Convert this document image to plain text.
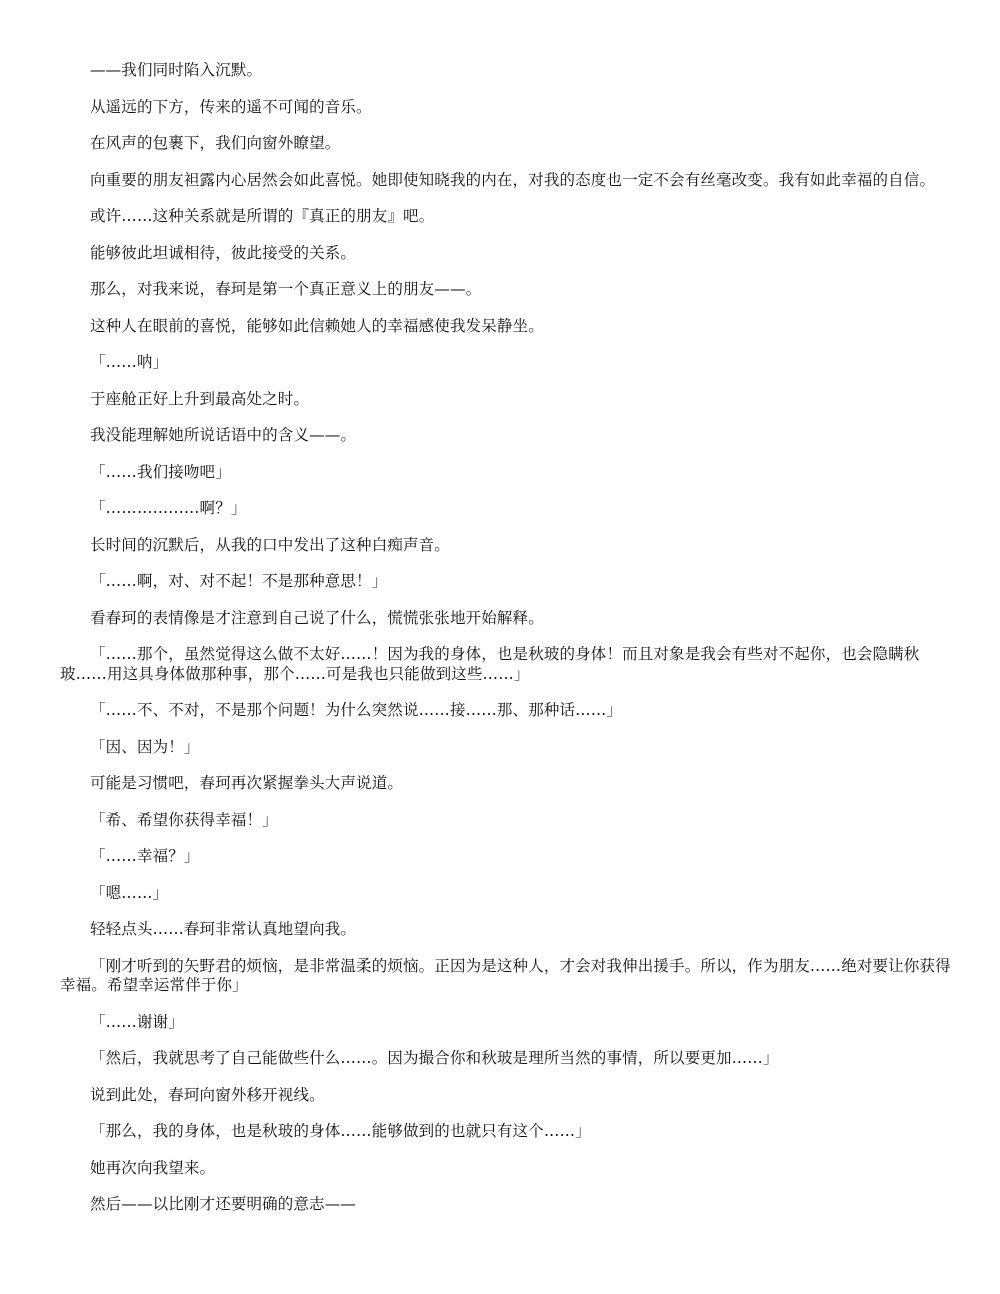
——我们同时陷入沉默。

从遥远的下方，传来的遥不可闻的音乐。

在风声的包裹下，我们向窗外瞭望。

向重要的朋友袒露内心居然会如此喜悦。她即使知晓我的内在，对我的态度也一定不会有丝毫改变。我有如此幸福的自信。

或许……这种关系就是所谓的『真正的朋友』吧。

能够彼此坦诚相待，彼此接受的关系。

那么，对我来说，春珂是第一个真正意义上的朋友——。

这种人在眼前的喜悦，能够如此信赖她人的幸福感使我发呆静坐。

「……呐」

于座舱正好上升到最高处之时。

我没能理解她所说话语中的含义——。

「……我们接吻吧」

「………………啊？」

长时间的沉默后，从我的口中发出了这种白痴声音。

「……啊，对、对不起！不是那种意思！」

看春珂的表情像是才注意到自己说了什么，慌慌张张地开始解释。

「……那个，虽然觉得这么做不太好……！因为我的身体，也是秋玻的身体！而且对象是我会有些对不起你，也会隐瞒秋玻……用这具身体做那种事，那个……可是我也只能做到这些……」

「……不、不对，不是那个问题！为什么突然说……接……那、那种话……」

「因、因为！」

可能是习惯吧，春珂再次紧握拳头大声说道。

「希、希望你获得幸福！」

「……幸福？」

「嗯……」

轻轻点头……春珂非常认真地望向我。

「刚才听到的矢野君的烦恼，是非常温柔的烦恼。正因为是这种人，才会对我伸出援手。所以，作为朋友……绝对要让你获得幸福。希望幸运常伴于你」

「……谢谢」

「然后，我就思考了自己能做些什么……。因为撮合你和秋玻是理所当然的事情，所以要更加……」

说到此处，春珂向窗外移开视线。

「那么，我的身体，也是秋玻的身体……能够做到的也就只有这个……」

她再次向我望来。

然后——以比刚才还要明确的意志——
